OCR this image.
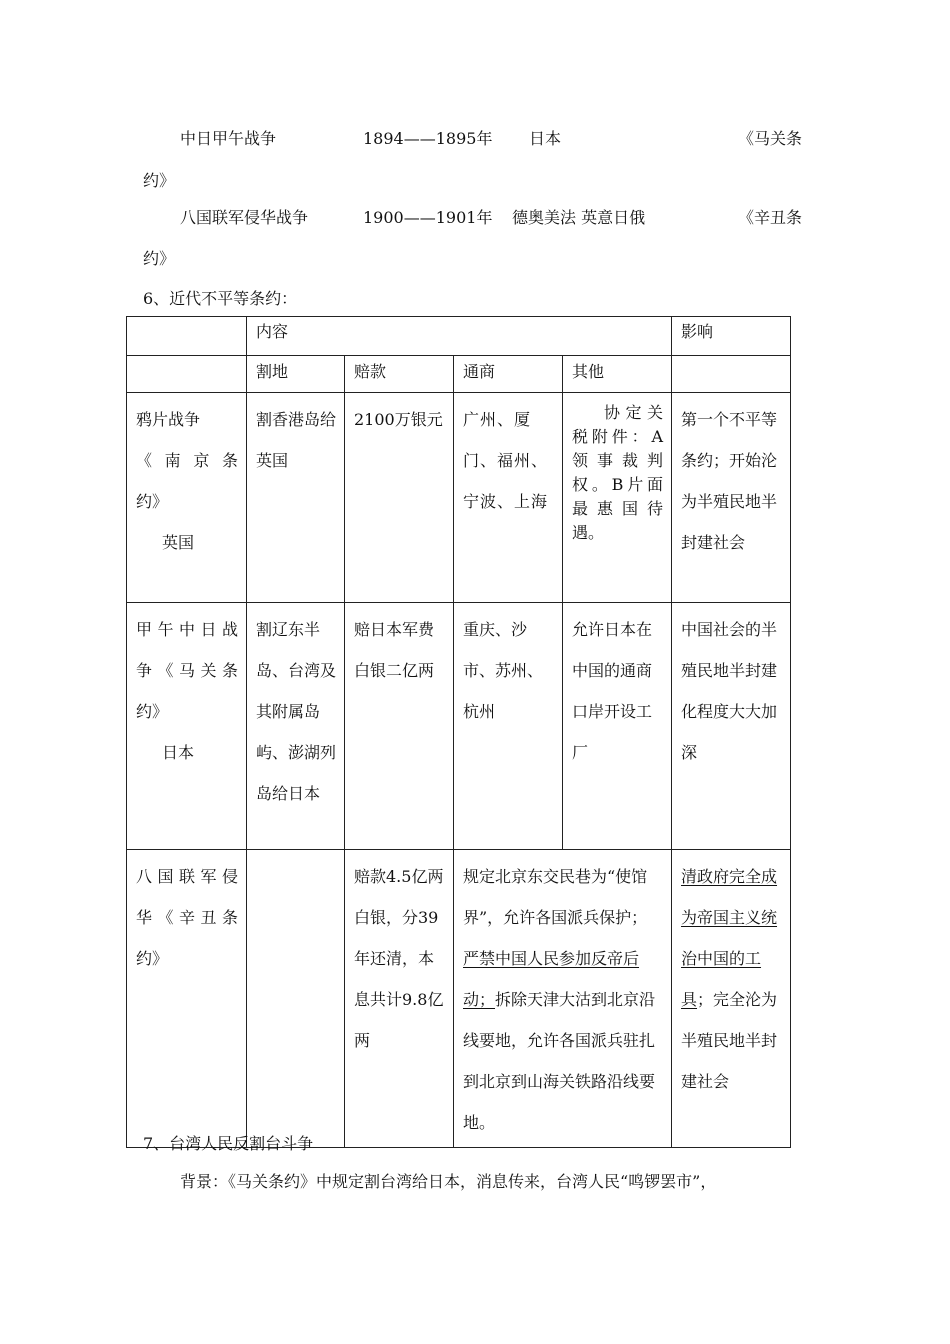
中日甲午战争	1894——1895年 日本	《马关条
约》
八国联军侵华战争	1900——1901年 德奥美法 英意日俄	《辛丑条
约》
6、近代不平等条约：
	内容				影响
	割地	赔款	通商	其他	

鸦片战争
《 南 京 条
约》
英国	割香港岛给英国	2100万银元	广州、厦门、福州、宁波、上海	协定关税附件：A领事裁判权。B片面最惠国待遇。	第一个不平等条约；开始沦为半殖民地半封建社会

甲午中日战
争《马关条
约》
日本	割辽东半岛、台湾及其附属岛屿、澎湖列岛给日本	赔日本军费白银二亿两	重庆、沙市、苏州、杭州	允许日本在中国的通商口岸开设工厂	中国社会的半殖民地半封建化程度大大加深

八国联军侵
华《辛丑条
约》		赔款4.5亿两白银，分39年还清，本息共计9.8亿两	规定北京东交民巷为“使馆界”，允许各国派兵保护；严禁中国人民参加反帝后动；拆除天津大沽到北京沿线要地，允许各国派兵驻扎到北京到山海关铁路沿线要地。		清政府完全成为帝国主义统治中国的工具；完全沦为半殖民地半封建社会
7、台湾人民反割台斗争
背景：《马关条约》中规定割台湾给日本，消息传来，台湾人民“鸣锣罢市”，
